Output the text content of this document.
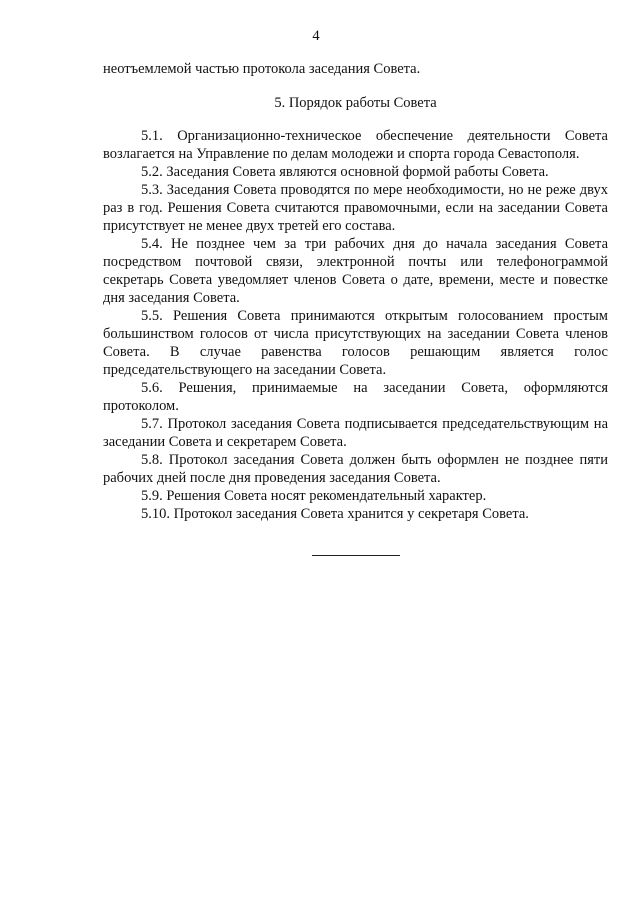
4

неотъемлемой частью протокола заседания Совета.

5. Порядок работы Совета

5.1. Организационно-техническое обеспечение деятельности Совета возлагается на Управление по делам молодежи и спорта города Севастополя.

5.2. Заседания Совета являются основной формой работы Совета.

5.3. Заседания Совета проводятся по мере необходимости, но не реже двух раз в год. Решения Совета считаются правомочными, если на заседании Совета присутствует не менее двух третей его состава.

5.4. Не позднее чем за три рабочих дня до начала заседания Совета посредством почтовой связи, электронной почты или телефонограммой секретарь Совета уведомляет членов Совета о дате, времени, месте и повестке дня заседания Совета.

5.5. Решения Совета принимаются открытым голосованием простым большинством голосов от числа присутствующих на заседании Совета членов Совета. В случае равенства голосов решающим является голос председательствующего на заседании Совета.

5.6. Решения, принимаемые на заседании Совета, оформляются протоколом.

5.7. Протокол заседания Совета подписывается председательствующим на заседании Совета и секретарем Совета.

5.8. Протокол заседания Совета должен быть оформлен не позднее пяти рабочих дней после дня проведения заседания Совета.

5.9. Решения Совета носят рекомендательный характер.

5.10. Протокол заседания Совета хранится у секретаря Совета.
